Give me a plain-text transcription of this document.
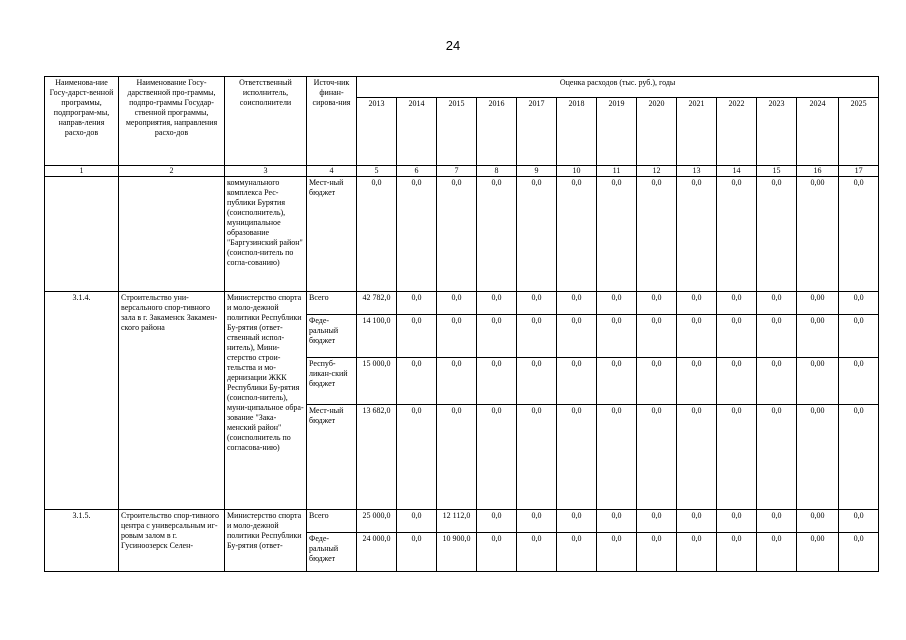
24
Наименова-ние Госу-дарст-венной программы, подпрограм-мы, направ-ления расхо-дов	Наименование Госу-дарственной про-граммы, подпро-граммы Государ-ственной программы, мероприятия, направления расхо-дов	Ответственный исполнитель, соисполнители	Источ-ник финан-сирова-ния	Оценка расходов (тыс. руб.), годы												
				2013	2014	2015	2016	2017	2018	2019	2020	2021	2022	2023	2024	2025
1	2	3	4	5	6	7	8	9	10	11	12	13	14	15	16	17
		коммунального комплекса Рес-публики Бурятия (соисполнитель), муниципальное образование "Баргузинский район" (соиспол-нитель по согла-сованию)	Мест-ный бюджет	0,0	0,0	0,0	0,0	0,0	0,0	0,0	0,0	0,0	0,0	0,0	0,00	0,0
3.1.4.	Строительство уни-версального спор-тивного зала в г. Закаменск Закамен-ского района	Министерство спорта и моло-дежной политики Республики Бу-рятия (ответ-ственный испол-нитель), Мини-стерство строи-тельства и мо-дернизации ЖКК Республики Бу-рятия (соиспол-нитель), муни-ципальное обра-зование "Зака-менский район" (соисполнитель по согласова-нию)	Всего	42 782,0	0,0	0,0	0,0	0,0	0,0	0,0	0,0	0,0	0,0	0,0	0,00	0,0
			Феде-ральный бюджет	14 100,0	0,0	0,0	0,0	0,0	0,0	0,0	0,0	0,0	0,0	0,0	0,00	0,0
			Респуб-ликан-ский бюджет	15 000,0	0,0	0,0	0,0	0,0	0,0	0,0	0,0	0,0	0,0	0,0	0,00	0,0
			Мест-ный бюджет	13 682,0	0,0	0,0	0,0	0,0	0,0	0,0	0,0	0,0	0,0	0,0	0,00	0,0
3.1.5.	Строительство спор-тивного центра с универсальным иг-ровым залом в г. Гусиноозерск Селен-	Министерство спорта и моло-дежной политики Республики Бу-рятия (ответ-	Всего	25 000,0	0,0	12 112,0	0,0	0,0	0,0	0,0	0,0	0,0	0,0	0,0	0,00	0,0
			Феде-ральный бюджет	24 000,0	0,0	10 900,0	0,0	0,0	0,0	0,0	0,0	0,0	0,0	0,0	0,00	0,0
